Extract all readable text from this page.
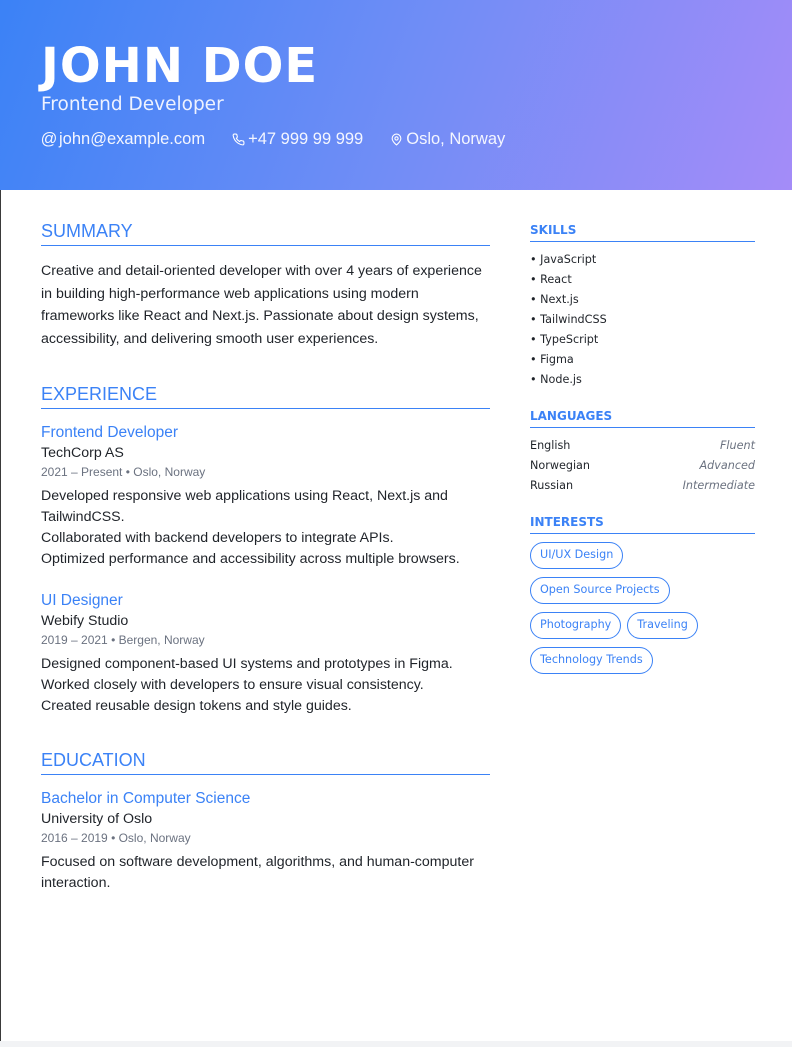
JOHN DOE
Frontend Developer
@ john@example.com	+47 999 99 999	Oslo, Norway
SUMMARY
Creative and detail-oriented developer with over 4 years of experience in building high-performance web applications using modern frameworks like React and Next.js. Passionate about design systems, accessibility, and delivering smooth user experiences.
EXPERIENCE
Frontend Developer
TechCorp AS
2021 – Present • Oslo, Norway
Developed responsive web applications using React, Next.js and TailwindCSS.
Collaborated with backend developers to integrate APIs.
Optimized performance and accessibility across multiple browsers.
UI Designer
Webify Studio
2019 – 2021 • Bergen, Norway
Designed component-based UI systems and prototypes in Figma.
Worked closely with developers to ensure visual consistency.
Created reusable design tokens and style guides.
EDUCATION
Bachelor in Computer Science
University of Oslo
2016 – 2019 • Oslo, Norway
Focused on software development, algorithms, and human-computer interaction.
SKILLS
• JavaScript
• React
• Next.js
• TailwindCSS
• TypeScript
• Figma
• Node.js
LANGUAGES
English	Fluent
Norwegian	Advanced
Russian	Intermediate
INTERESTS
UI/UX Design
Open Source Projects
Photography	Traveling
Technology Trends
